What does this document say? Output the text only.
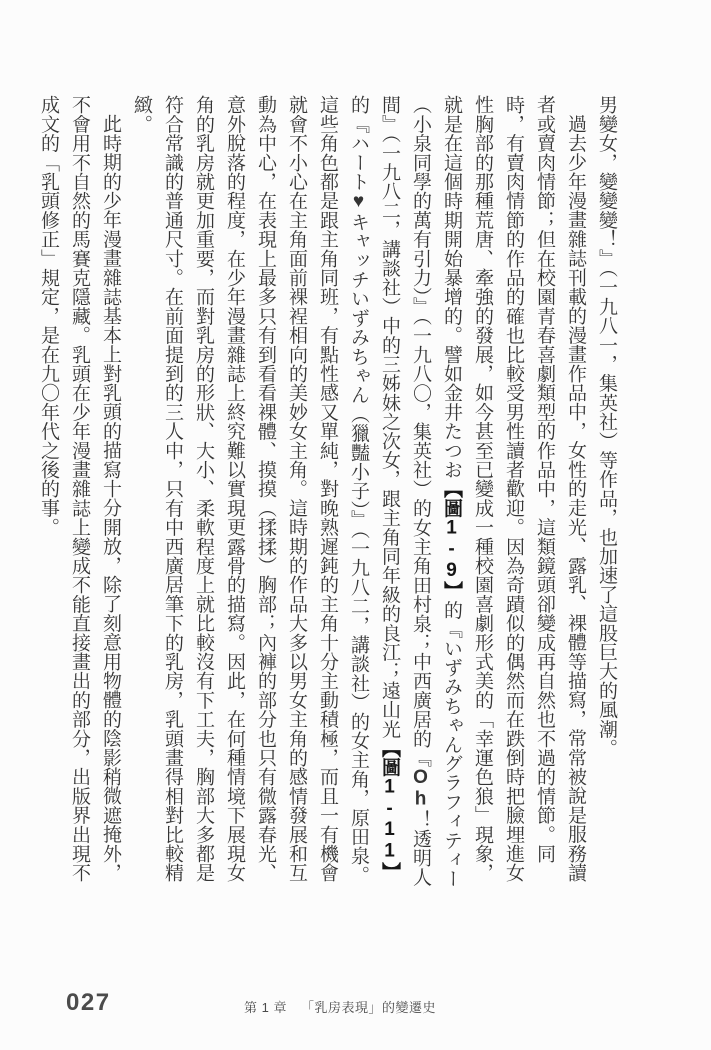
男變女，變變變！』（一九八一，集英社）等作品，也加速了這股巨大的風潮。

過去少年漫畫雜誌刊載的漫畫作品中，女性的走光、露乳、裸體等描寫，常常被說是服務讀者或賣肉情節；但在校園青春喜劇類型的作品中，這類鏡頭卻變成再自然也不過的情節。同時，有賣肉情節的作品的確也比較受男性讀者歡迎。因為奇蹟似的偶然而在跌倒時把臉埋進女性胸部的那種荒唐、牽強的發展，如今甚至已變成一種校園喜劇形式美的「幸運色狼」現象，就是在這個時期開始暴增的。譬如金井たつお【圖1-9】的『いずみちゃんグラフィティー（小泉同學的萬有引力）』（一九八〇，集英社）的女主角田村泉；中西廣居的『Oh！透明人間』（一九八二，講談社）中的三姊妹之次女，跟主角同年級的良江；遠山光【圖1-11】的『ハート♥キャッチいずみちゃん（獵豔小子）』（一九八二，講談社）的女主角，原田泉。這些角色都是跟主角同班，有點性感又單純，對晚熟遲鈍的主角十分主動積極，而且一有機會就會不小心在主角面前裸裎相向的美妙女主角。這時期的作品大多以男女主角的感情發展和互動為中心，在表現上最多只有到看看裸體、摸摸（揉揉）胸部；內褲的部分也只有微露春光、意外脫落的程度，在少年漫畫雜誌上終究難以實現更露骨的描寫。因此，在何種情境下展現女角的乳房就更加重要，而對乳房的形狀、大小、柔軟程度上就比較沒有下工夫，胸部大多都是符合常識的普通尺寸。在前面提到的三人中，只有中西廣居筆下的乳房，乳頭畫得相對比較精緻。

此時期的少年漫畫雜誌基本上對乳頭的描寫十分開放，除了刻意用物體的陰影稍微遮掩外，不會用不自然的馬賽克隱藏。乳頭在少年漫畫雜誌上變成不能直接畫出的部分，出版界出現不成文的「乳頭修正」規定，是在九〇年代之後的事。

027	第 1 章 「乳房表現」的變遷史
